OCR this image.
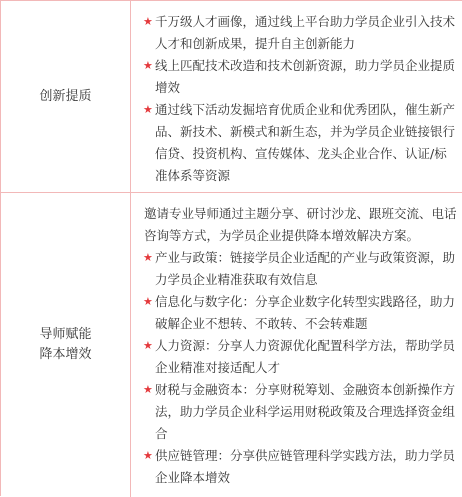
创新提质
★ 千万级人才画像，通过线上平台助力学员企业引入技术人才和创新成果，提升自主创新能力
★ 线上匹配技术改造和技术创新资源，助力学员企业提质增效
★ 通过线下活动发掘培育优质企业和优秀团队，催生新产品、新技术、新模式和新生态，并为学员企业链接银行信贷、投资机构、宣传媒体、龙头企业合作、认证/标准体系等资源
导师赋能
降本增效
邀请专业导师通过主题分享、研讨沙龙、跟班交流、电话咨询等方式，为学员企业提供降本增效解决方案。
★ 产业与政策：链接学员企业适配的产业与政策资源，助力学员企业精准获取有效信息
★ 信息化与数字化：分享企业数字化转型实践路径，助力破解企业不想转、不敢转、不会转难题
★ 人力资源：分享人力资源优化配置科学方法，帮助学员企业精准对接适配人才
★ 财税与金融资本：分享财税筹划、金融资本创新操作方法，助力学员企业科学运用财税政策及合理选择资金组合
★ 供应链管理：分享供应链管理科学实践方法，助力学员企业降本增效
